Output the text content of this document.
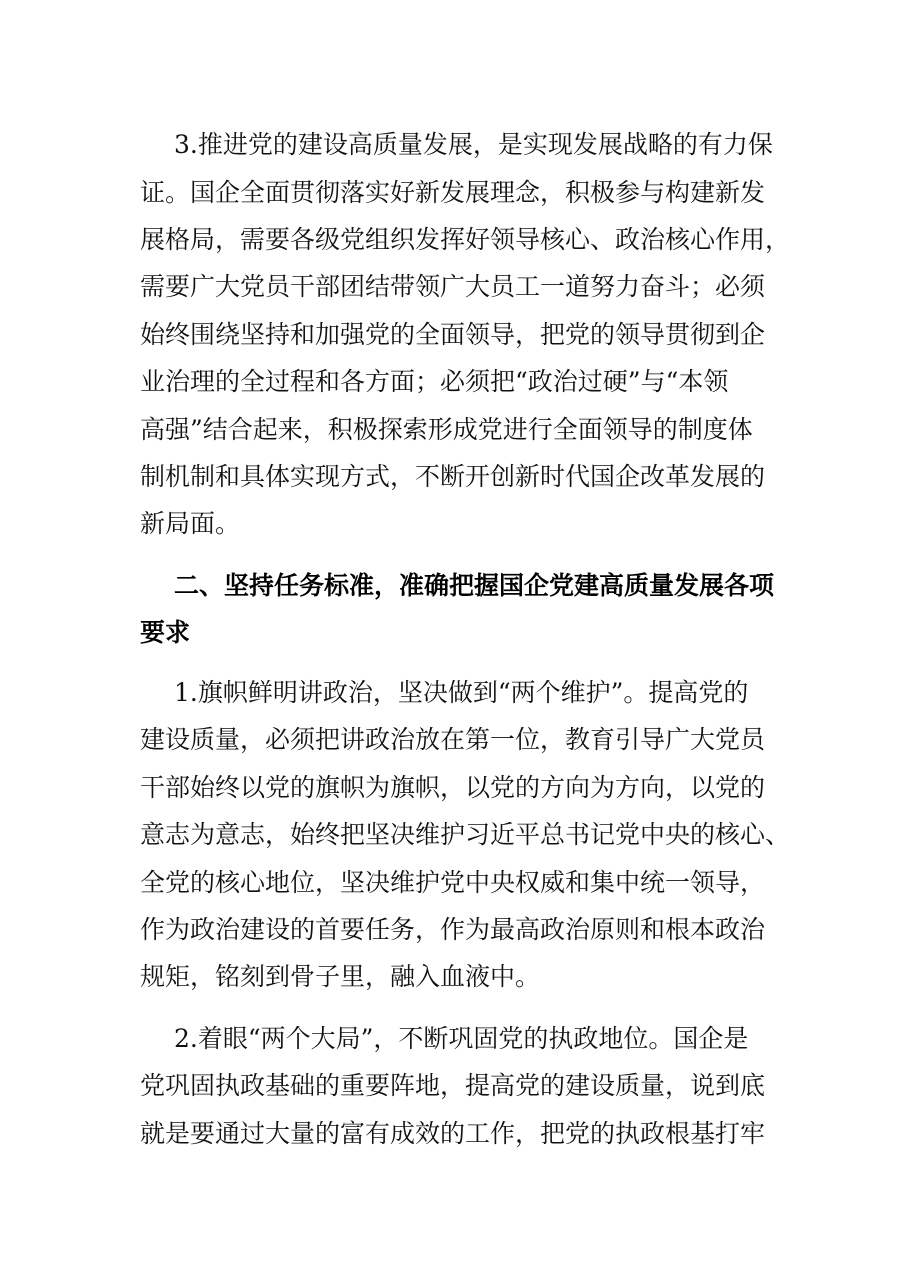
3.推进党的建设高质量发展，是实现发展战略的有力保
证。国企全面贯彻落实好新发展理念，积极参与构建新发
展格局，需要各级党组织发挥好领导核心、政治核心作用，
需要广大党员干部团结带领广大员工一道努力奋斗；必须
始终围绕坚持和加强党的全面领导，把党的领导贯彻到企
业治理的全过程和各方面；必须把“政治过硬”与“本领
高强”结合起来，积极探索形成党进行全面领导的制度体
制机制和具体实现方式，不断开创新时代国企改革发展的
新局面。
二、坚持任务标准，准确把握国企党建高质量发展各项
要求
1.旗帜鲜明讲政治，坚决做到“两个维护”。提高党的
建设质量，必须把讲政治放在第一位，教育引导广大党员
干部始终以党的旗帜为旗帜，以党的方向为方向，以党的
意志为意志，始终把坚决维护习近平总书记党中央的核心、
全党的核心地位，坚决维护党中央权威和集中统一领导，
作为政治建设的首要任务，作为最高政治原则和根本政治
规矩，铭刻到骨子里，融入血液中。
2.着眼“两个大局”，不断巩固党的执政地位。国企是
党巩固执政基础的重要阵地，提高党的建设质量，说到底
就是要通过大量的富有成效的工作，把党的执政根基打牢
